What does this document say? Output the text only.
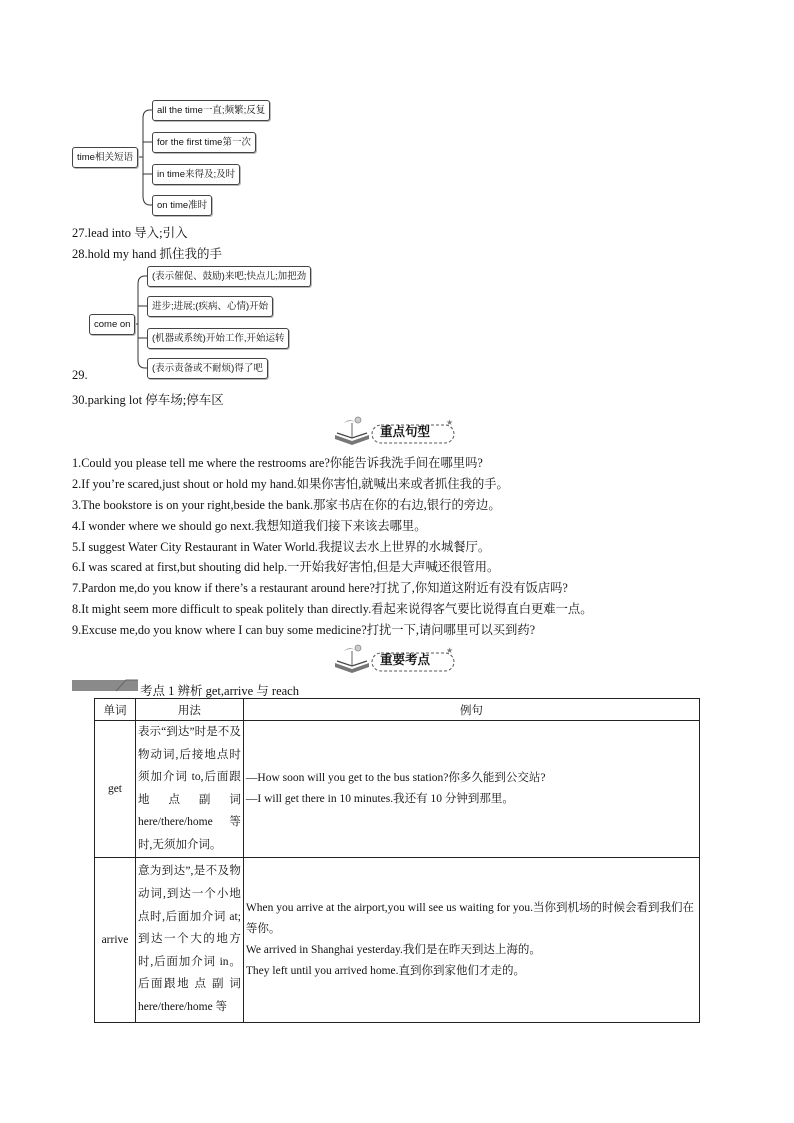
time相关短语
all the time一直;频繁;反复
for the first time第一次
in time来得及;及时
on time准时
27.lead into 导入;引入
28.hold my hand 抓住我的手
come on
(表示催促、鼓励)来吧;快点儿;加把劲
进步;进展;(疾病、心情)开始
(机器或系统)开始工作,开始运转
(表示责备或不耐烦)得了吧
29.
30.parking lot 停车场;停车区
★
重点句型
1.Could you please tell me where the restrooms are?你能告诉我洗手间在哪里吗?
2.If you’re scared,just shout or hold my hand.如果你害怕,就喊出来或者抓住我的手。
3.The bookstore is on your right,beside the bank.那家书店在你的右边,银行的旁边。
4.I wonder where we should go next.我想知道我们接下来该去哪里。
5.I suggest Water City Restaurant in Water World.我提议去水上世界的水城餐厅。
6.I was scared at first,but shouting did help.一开始我好害怕,但是大声喊还很管用。
7.Pardon me,do you know if there’s a restaurant around here?打扰了,你知道这附近有没有饭店吗?
8.It might seem more difficult to speak politely than directly.看起来说得客气要比说得直白更难一点。
9.Excuse me,do you know where I can buy some medicine?打扰一下,请问哪里可以买到药?
★
重要考点
考点 1 辨析 get,arrive 与 reach
单词	用法	例句
get	表示“到达”时是不及物动词,后接地点时须加介词 to,后面跟地点副词 here/there/home 等时,无须加介词。	—How soon will you get to the bus station?你多久能到公交站?
—I will get there in 10 minutes.我还有 10 分钟到那里。

arrive	意为到达”,是不及物动词,到达一个小地点时,后面加介词 at;到达一个大的地方时,后面加介词 in。后面跟地 点 副 词 here/there/home 等	When you arrive at the airport,you will see us waiting for you.当你到机场的时候会看到我们在等你。
We arrived in Shanghai yesterday.我们是在昨天到达上海的。
They left until you arrived home.直到你到家他们才走的。
